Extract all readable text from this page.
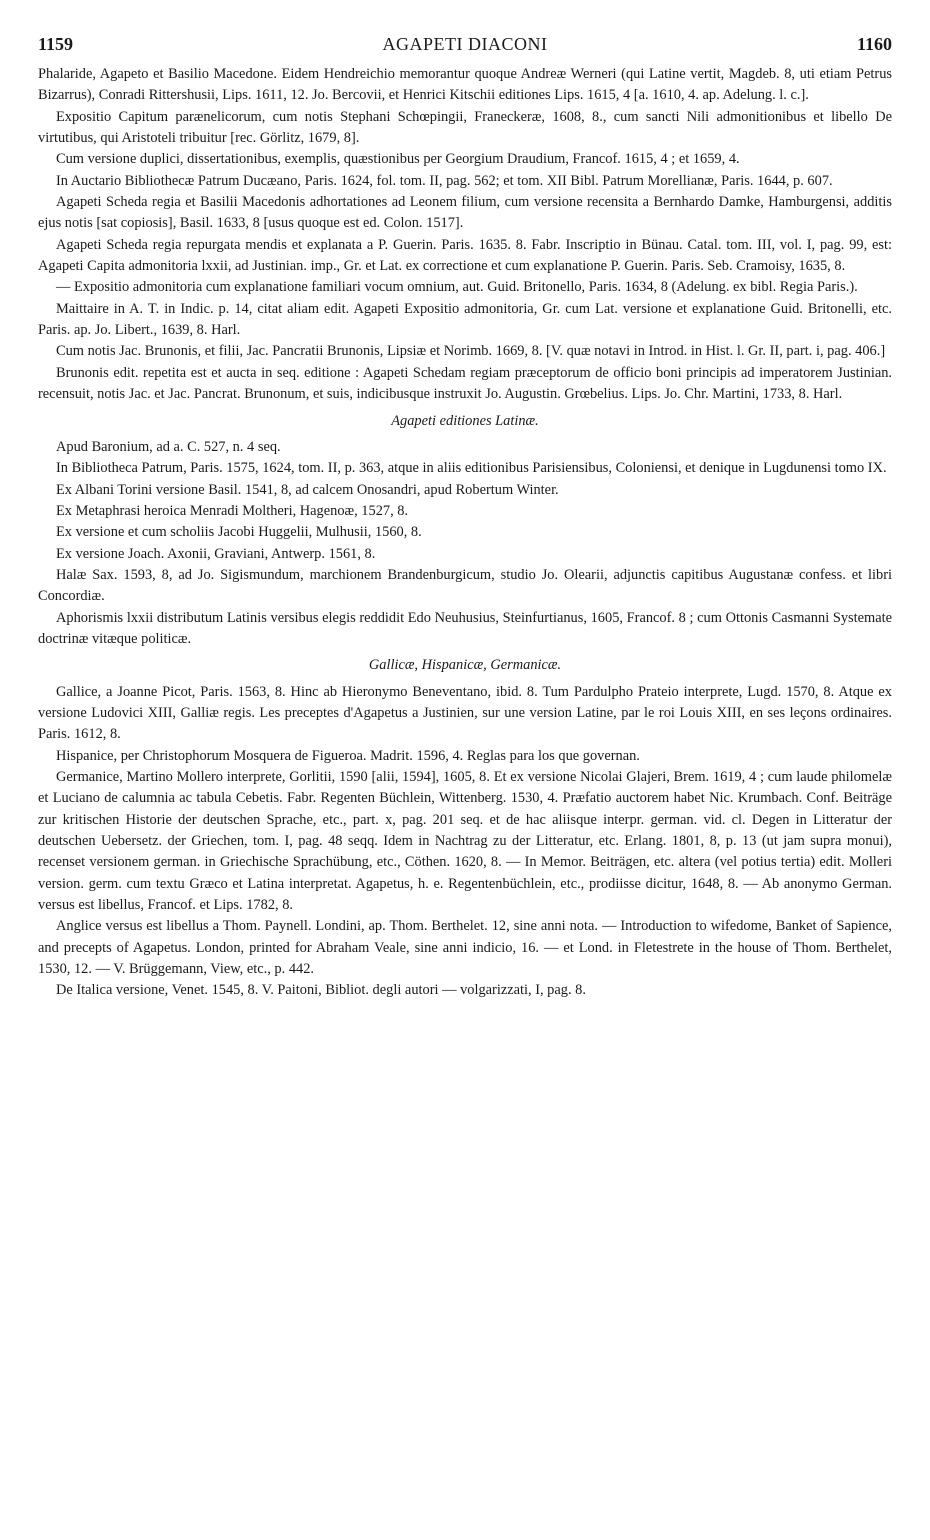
1159	AGAPETI DIACONI	1160

Phalaride, Agapeto et Basilio Macedone. Eidem Hendreichio memorantur quoque Andreæ Werneri (qui Latine vertit, Magdeb. 8, uti etiam Petrus Bizarrus), Conradi Rittershusii, Lips. 1611, 12. Jo. Bercovii, et Henrici Kitschii editiones Lips. 1615, 4 [a. 1610, 4. ap. Adelung. l. c.].

Expositio Capitum parænelicorum, cum notis Stephani Schœpingii, Franeckeræ, 1608, 8., cum sancti Nili admonitionibus et libello De virtutibus, qui Aristoteli tribuitur [rec. Görlitz, 1679, 8].

Cum versione duplici, dissertationibus, exemplis, quæstionibus per Georgium Draudium, Francof. 1615, 4 ; et 1659, 4.

In Auctario Bibliothecæ Patrum Ducæano, Paris. 1624, fol. tom. II, pag. 562; et tom. XII Bibl. Patrum Morellianæ, Paris. 1644, p. 607.

Agapeti Scheda regia et Basilii Macedonis adhortationes ad Leonem filium, cum versione recensita a Bernhardo Damke, Hamburgensi, additis ejus notis [sat copiosis], Basil. 1633, 8 [usus quoque est ed. Colon. 1517].

Agapeti Scheda regia repurgata mendis et explanata a P. Guerin. Paris. 1635. 8. Fabr. Inscriptio in Bünau. Catal. tom. III, vol. I, pag. 99, est: Agapeti Capita admonitoria lxxii, ad Justinian. imp., Gr. et Lat. ex correctione et cum explanatione P. Guerin. Paris. Seb. Cramoisy, 1635, 8.

— Expositio admonitoria cum explanatione familiari vocum omnium, aut. Guid. Britonello, Paris. 1634, 8 (Adelung. ex bibl. Regia Paris.).

Maittaire in A. T. in Indic. p. 14, citat aliam edit. Agapeti Expositio admonitoria, Gr. cum Lat. versione et explanatione Guid. Britonelli, etc. Paris. ap. Jo. Libert., 1639, 8. Harl.

Cum notis Jac. Brunonis, et filii, Jac. Pancratii Brunonis, Lipsiæ et Norimb. 1669, 8. [V. quæ notavi in Introd. in Hist. l. Gr. II, part. i, pag. 406.]

Brunonis edit. repetita est et aucta in seq. editione : Agapeti Schedam regiam præceptorum de officio boni principis ad imperatorem Justinian. recensuit, notis Jac. et Jac. Pancrat. Brunonum, et suis, indicibusque instruxit Jo. Augustin. Grœbelius. Lips. Jo. Chr. Martini, 1733, 8. Harl.

Agapeti editiones Latinæ.

Apud Baronium, ad a. C. 527, n. 4 seq.

In Bibliotheca Patrum, Paris. 1575, 1624, tom. II, p. 363, atque in aliis editionibus Parisiensibus, Coloniensi, et denique in Lugdunensi tomo IX.

Ex Albani Torini versione Basil. 1541, 8, ad calcem Onosandri, apud Robertum Winter.

Ex Metaphrasi heroica Menradi Moltheri, Hagenoæ, 1527, 8.

Ex versione et cum scholiis Jacobi Huggelii, Mulhusii, 1560, 8.

Ex versione Joach. Axonii, Graviani, Antwerp. 1561, 8.

Halæ Sax. 1593, 8, ad Jo. Sigismundum, marchionem Brandenburgicum, studio Jo. Olearii, adjunctis capitibus Augustanæ confess. et libri Concordiæ.

Aphorismis lxxii distributum Latinis versibus elegis reddidit Edo Neuhusius, Steinfurtianus, 1605, Francof. 8 ; cum Ottonis Casmanni Systemate doctrinæ vitæque politicæ.

Gallicæ, Hispanicæ, Germanicæ.

Gallice, a Joanne Picot, Paris. 1563, 8. Hinc ab Hieronymo Beneventano, ibid. 8. Tum Pardulpho Prateio interprete, Lugd. 1570, 8. Atque ex versione Ludovici XIII, Galliæ regis. Les preceptes d'Agapetus a Justinien, sur une version Latine, par le roi Louis XIII, en ses leçons ordinaires. Paris. 1612, 8.

Hispanice, per Christophorum Mosquera de Figueroa. Madrit. 1596, 4. Reglas para los que governan.

Germanice, Martino Mollero interprete, Gorlitii, 1590 [alii, 1594], 1605, 8. Et ex versione Nicolai Glajeri, Brem. 1619, 4 ; cum laude philomelæ et Luciano de calumnia ac tabula Cebetis. Fabr. Regenten Büchlein, Wittenberg. 1530, 4. Præfatio auctorem habet Nic. Krumbach. Conf. Beiträge zur kritischen Historie der deutschen Sprache, etc., part. x, pag. 201 seq. et de hac aliisque interpr. german. vid. cl. Degen in Litteratur der deutschen Uebersetz. der Griechen, tom. I, pag. 48 seqq. Idem in Nachtrag zu der Litteratur, etc. Erlang. 1801, 8, p. 13 (ut jam supra monui), recenset versionem german. in Griechische Sprachübung, etc., Cöthen. 1620, 8. — In Memor. Beiträgen, etc. altera (vel potius tertia) edit. Molleri version. germ. cum textu Græco et Latina interpretat. Agapetus, h. e. Regentenbüchlein, etc., prodiisse dicitur, 1648, 8. — Ab anonymo German. versus est libellus, Francof. et Lips. 1782, 8.

Anglice versus est libellus a Thom. Paynell. Londini, ap. Thom. Berthelet. 12, sine anni nota. — Introduction to wifedome, Banket of Sapience, and precepts of Agapetus. London, printed for Abraham Veale, sine anni indicio, 16. — et Lond. in Fletestrete in the house of Thom. Berthelet, 1530, 12. — V. Brüggemann, View, etc., p. 442.

De Italica versione, Venet. 1545, 8. V. Paitoni, Bibliot. degli autori — volgarizzati, I, pag. 8.
